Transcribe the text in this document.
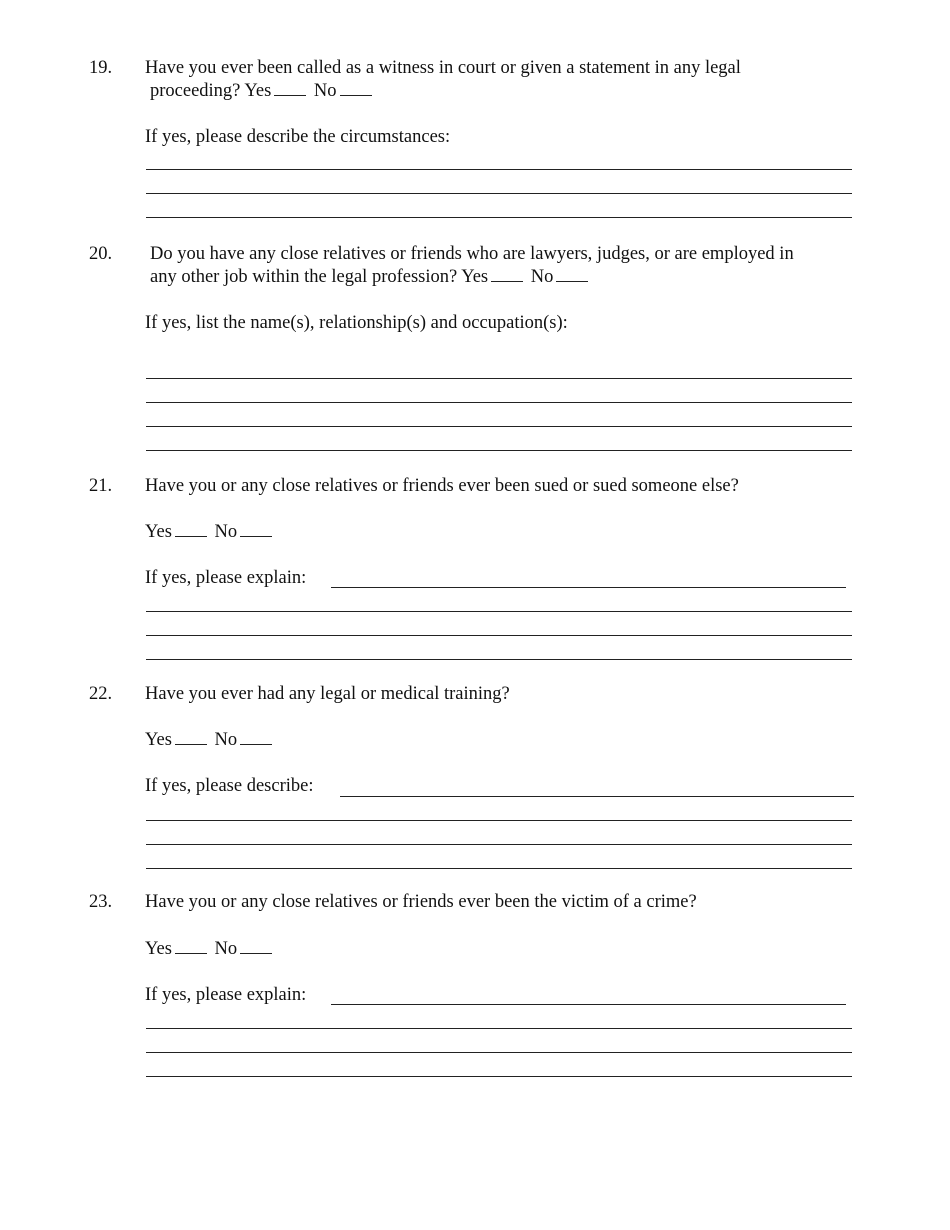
19. Have you ever been called as a witness in court or given a statement in any legal
proceeding? Yes No
If yes, please describe the circumstances:
20. Do you have any close relatives or friends who are lawyers, judges, or are employed in
any other job within the legal profession? Yes No
If yes, list the name(s), relationship(s) and occupation(s):
21. Have you or any close relatives or friends ever been sued or sued someone else?
Yes No
If yes, please explain:
22. Have you ever had any legal or medical training?
Yes No
If yes, please describe:
23. Have you or any close relatives or friends ever been the victim of a crime?
Yes No
If yes, please explain:
